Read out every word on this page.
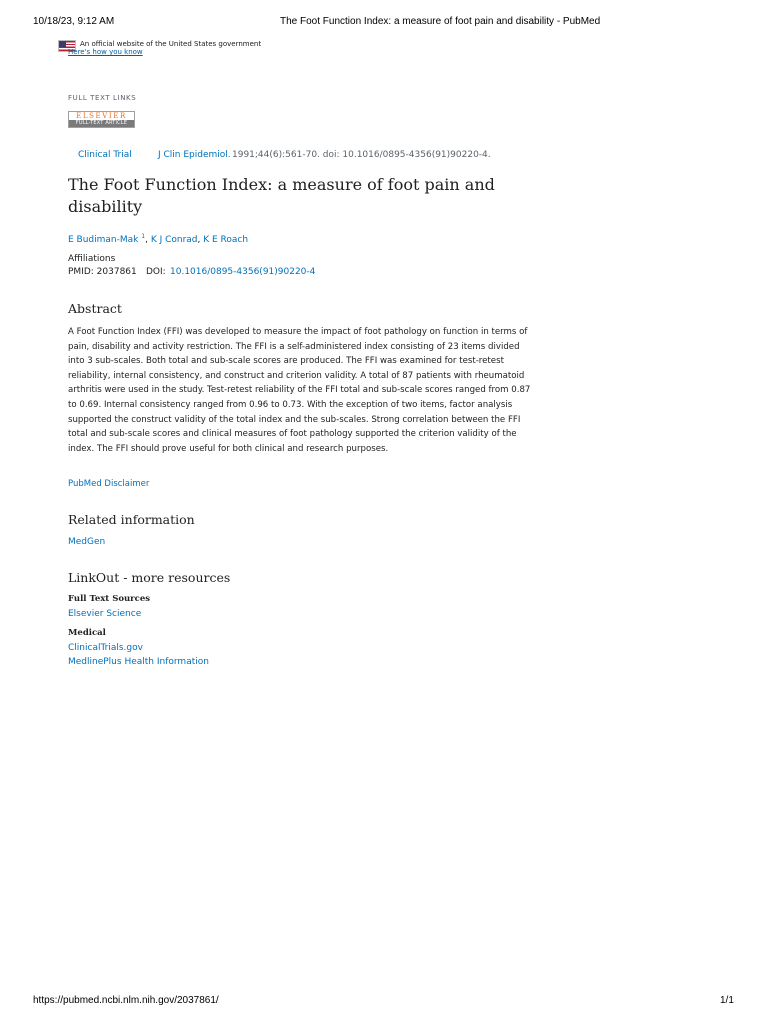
10/18/23, 9:12 AM	The Foot Function Index: a measure of foot pain and disability - PubMed
An official website of the United States government
Here's how you know
FULL TEXT LINKS
ELSEVIER
FULL-TEXT ARTICLE
Clinical Trial	J Clin Epidemiol. 1991;44(6):561-70. doi: 10.1016/0895-4356(91)90220-4.
The Foot Function Index: a measure of foot pain and disability
E Budiman-Mak $^1$, K J Conrad, K E Roach
Affiliations
PMID: 2037861 DOI: 10.1016/0895-4356(91)90220-4
Abstract

A Foot Function Index (FFI) was developed to measure the impact of foot pathology on function in terms of pain, disability and activity restriction. The FFI is a self-administered index consisting of 23 items divided into 3 sub-scales. Both total and sub-scale scores are produced. The FFI was examined for test-retest reliability, internal consistency, and construct and criterion validity. A total of 87 patients with rheumatoid arthritis were used in the study. Test-retest reliability of the FFI total and sub-scale scores ranged from 0.87 to 0.69. Internal consistency ranged from 0.96 to 0.73. With the exception of two items, factor analysis supported the construct validity of the total index and the sub-scales. Strong correlation between the FFI total and sub-scale scores and clinical measures of foot pathology supported the criterion validity of the index. The FFI should prove useful for both clinical and research purposes.

PubMed Disclaimer
Related information
MedGen
LinkOut - more resources
Full Text Sources
Elsevier Science
Medical
ClinicalTrials.gov
MedlinePlus Health Information
https://pubmed.ncbi.nlm.nih.gov/2037861/	1/1
